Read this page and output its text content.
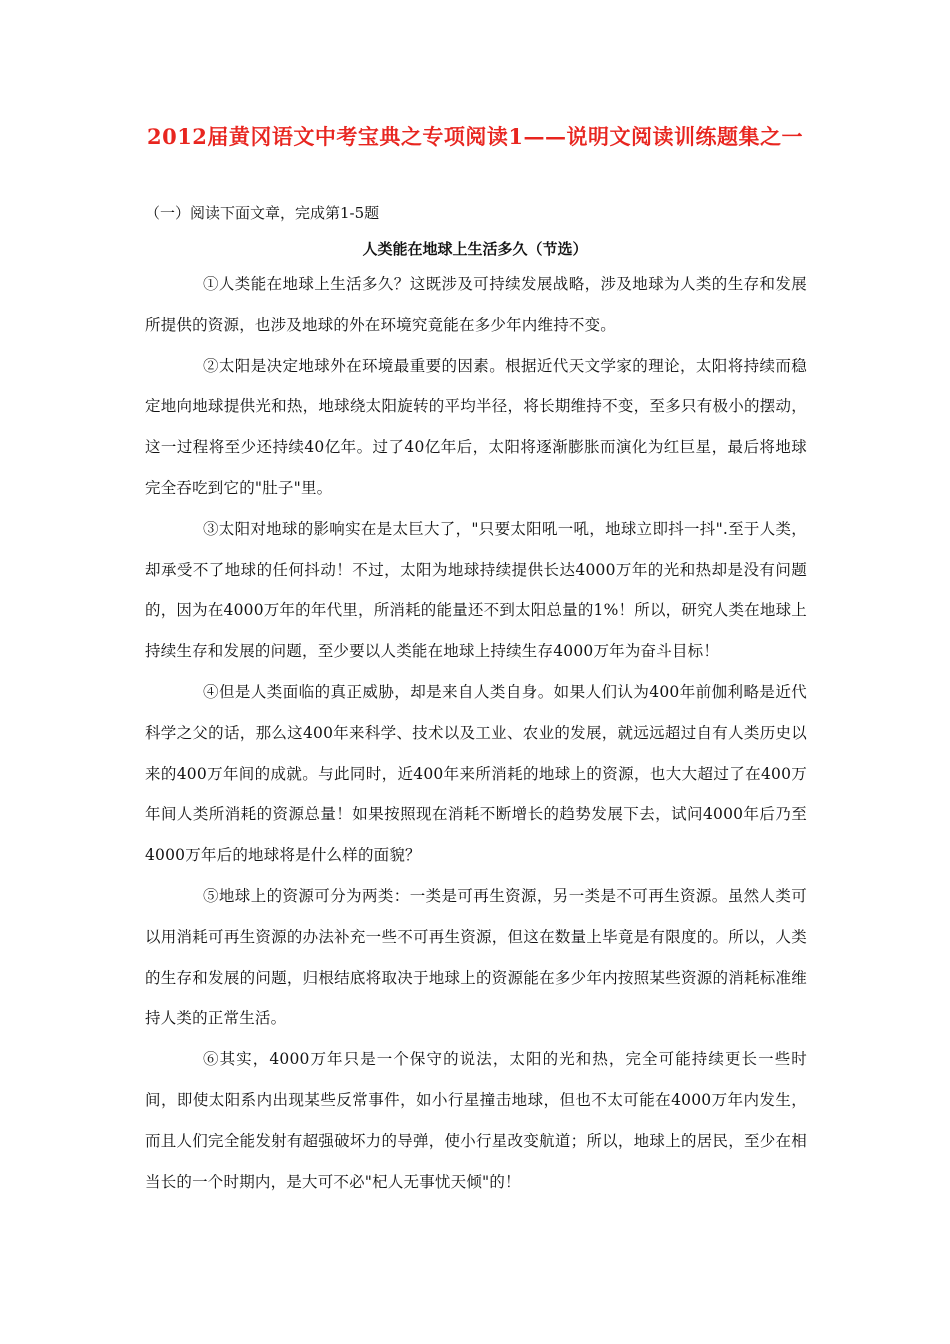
2012届黄冈语文中考宝典之专项阅读1——说明文阅读训练题集之一

（一）阅读下面文章，完成第1-5题

人类能在地球上生活多久（节选）

①人类能在地球上生活多久？这既涉及可持续发展战略，涉及地球为人类的生存和发展所提供的资源，也涉及地球的外在环境究竟能在多少年内维持不变。

②太阳是决定地球外在环境最重要的因素。根据近代天文学家的理论，太阳将持续而稳定地向地球提供光和热，地球绕太阳旋转的平均半径，将长期维持不变，至多只有极小的摆动，这一过程将至少还持续40亿年。过了40亿年后，太阳将逐渐膨胀而演化为红巨星，最后将地球完全吞吃到它的"肚子"里。

③太阳对地球的影响实在是太巨大了，"只要太阳吼一吼，地球立即抖一抖".至于人类，却承受不了地球的任何抖动！不过，太阳为地球持续提供长达4000万年的光和热却是没有问题的，因为在4000万年的年代里，所消耗的能量还不到太阳总量的1%！所以，研究人类在地球上持续生存和发展的问题，至少要以人类能在地球上持续生存4000万年为奋斗目标！

④但是人类面临的真正威胁，却是来自人类自身。如果人们认为400年前伽利略是近代科学之父的话，那么这400年来科学、技术以及工业、农业的发展，就远远超过自有人类历史以来的400万年间的成就。与此同时，近400年来所消耗的地球上的资源，也大大超过了在400万年间人类所消耗的资源总量！如果按照现在消耗不断增长的趋势发展下去，试问4000年后乃至4000万年后的地球将是什么样的面貌？

⑤地球上的资源可分为两类：一类是可再生资源，另一类是不可再生资源。虽然人类可以用消耗可再生资源的办法补充一些不可再生资源，但这在数量上毕竟是有限度的。所以，人类的生存和发展的问题，归根结底将取决于地球上的资源能在多少年内按照某些资源的消耗标准维持人类的正常生活。

⑥其实，4000万年只是一个保守的说法，太阳的光和热，完全可能持续更长一些时间，即使太阳系内出现某些反常事件，如小行星撞击地球，但也不太可能在4000万年内发生，而且人们完全能发射有超强破坏力的导弹，使小行星改变航道；所以，地球上的居民，至少在相当长的一个时期内，是大可不必"杞人无事忧天倾"的！
